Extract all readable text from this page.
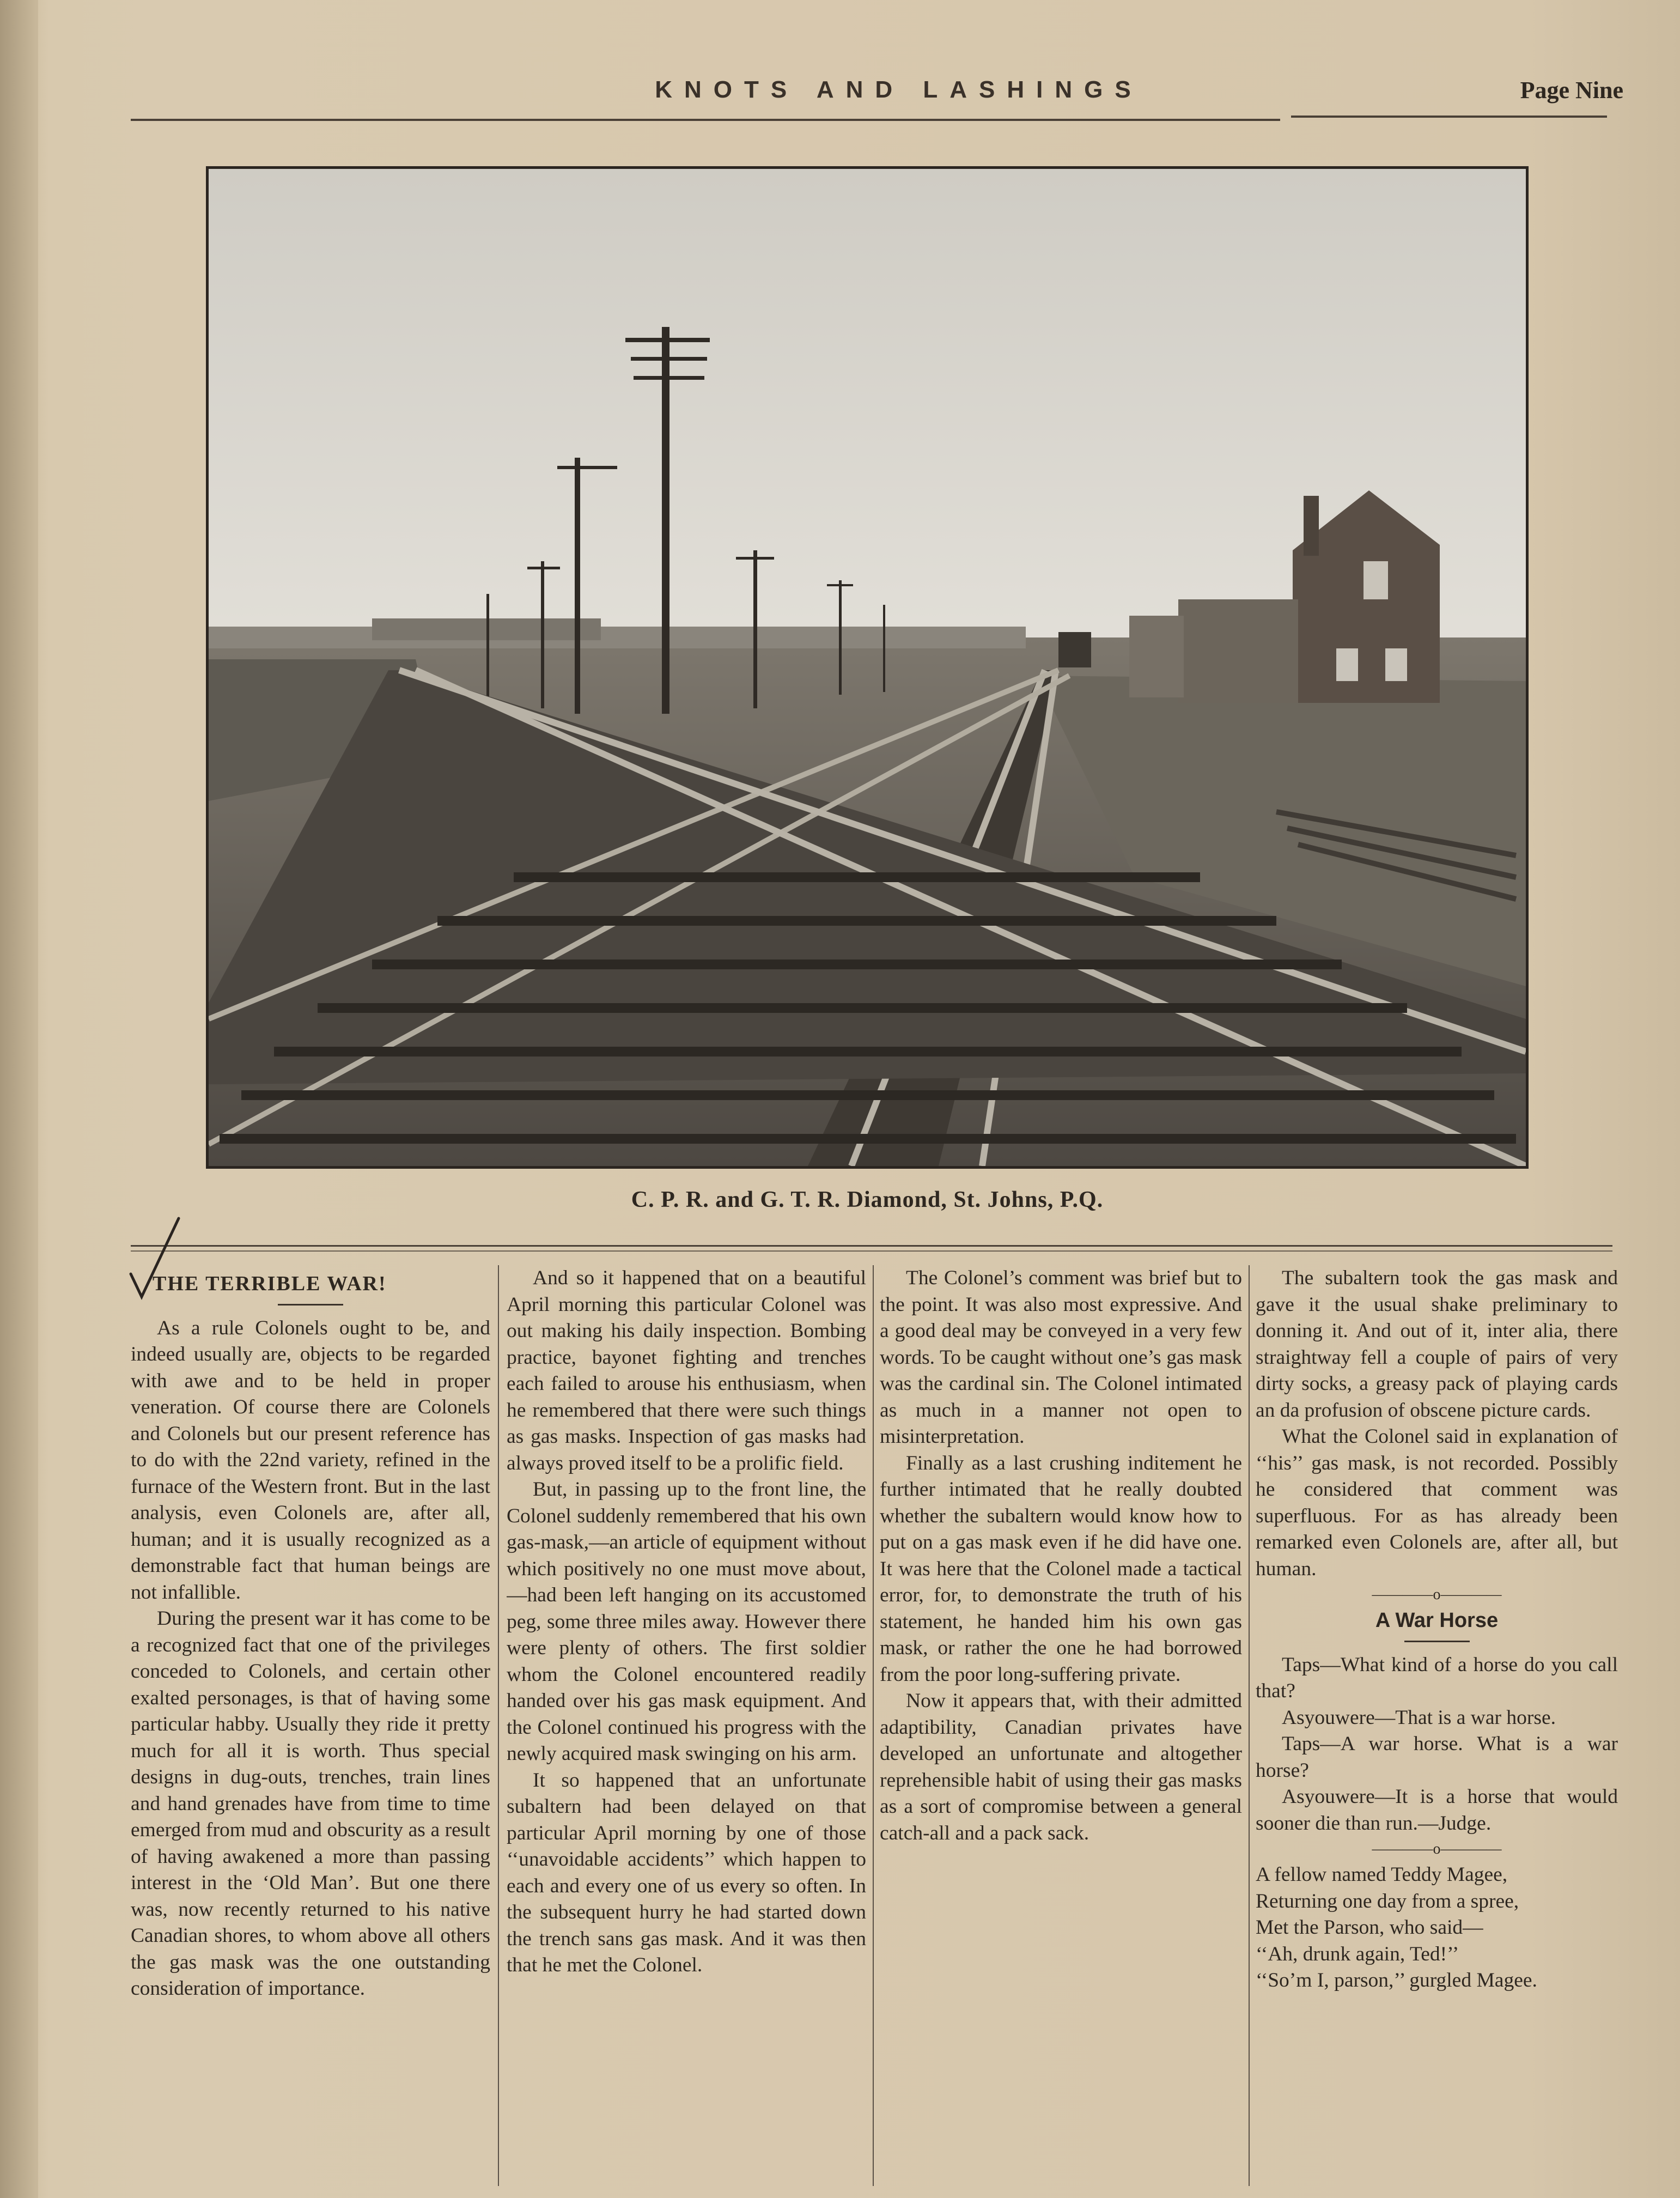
KNOTS AND LASHINGS	Page Nine
C. P. R. and G. T. R. Diamond, St. Johns, P.Q.

THE TERRIBLE WAR!

As a rule Colonels ought to be, and indeed usually are, objects to be regarded with awe and to be held in proper veneration. Of course there are Colonels and Colonels but our present reference has to do with the 22nd variety, refined in the furnace of the Western front. But in the last analysis, even Colonels are, after all, human; and it is usually recognized as a demonstrable fact that human beings are not infallible.

During the present war it has come to be a recognized fact that one of the privileges conceded to Colonels, and certain other exalted personages, is that of having some particular habby. Usually they ride it pretty much for all it is worth. Thus special designs in dug-outs, trenches, train lines and hand grenades have from time to time emerged from mud and obscurity as a result of having awakened a more than passing interest in the ‘Old Man’. But one there was, now recently returned to his native Canadian shores, to whom above all others the gas mask was the one outstanding consideration of importance.

And so it happened that on a beautiful April morning this particular Colonel was out making his daily inspection. Bombing practice, bayonet fighting and trenches each failed to arouse his enthusiasm, when he remembered that there were such things as gas masks. Inspection of gas masks had always proved itself to be a prolific field.

But, in passing up to the front line, the Colonel suddenly remembered that his own gas-mask,—an article of equipment without which positively no one must move about, —had been left hanging on its accustomed peg, some three miles away. However there were plenty of others. The first soldier whom the Colonel encountered readily handed over his gas mask equipment. And the Colonel continued his progress with the newly acquired mask swinging on his arm.

It so happened that an unfortunate subaltern had been delayed on that particular April morning by one of those ‘‘unavoidable accidents’’ which happen to each and every one of us every so often. In the subsequent hurry he had started down the trench sans gas mask. And it was then that he met the Colonel.

The Colonel’s comment was brief but to the point. It was also most expressive. And a good deal may be conveyed in a very few words. To be caught without one’s gas mask was the cardinal sin. The Colonel intimated as much in a manner not open to misinterpretation.

Finally as a last crushing inditement he further intimated that he really doubted whether the subaltern would know how to put on a gas mask even if he did have one. It was here that the Colonel made a tactical error, for, to demonstrate the truth of his statement, he handed him his own gas mask, or rather the one he had borrowed from the poor long-suffering private.

Now it appears that, with their admitted adaptibility, Canadian privates have developed an unfortunate and altogether reprehensible habit of using their gas masks as a sort of compromise between a general catch-all and a pack sack.

The subaltern took the gas mask and gave it the usual shake preliminary to donning it. And out of it, inter alia, there straightway fell a couple of pairs of very dirty socks, a greasy pack of playing cards an da profusion of obscene picture cards.

What the Colonel said in explanation of ‘‘his’’ gas mask, is not recorded. Possibly he considered that comment was superfluous. For as has already been remarked even Colonels are, after all, but human.

————o————

A War Horse

Taps—What kind of a horse do you call that?

Asyouwere—That is a war horse.

Taps—A war horse. What is a war horse?

Asyouwere—It is a horse that would sooner die than run.—Judge.

————o————

A fellow named Teddy Magee,

Returning one day from a spree,

Met the Parson, who said—

‘‘Ah, drunk again, Ted!’’

‘‘So’m I, parson,’’ gurgled Magee.
